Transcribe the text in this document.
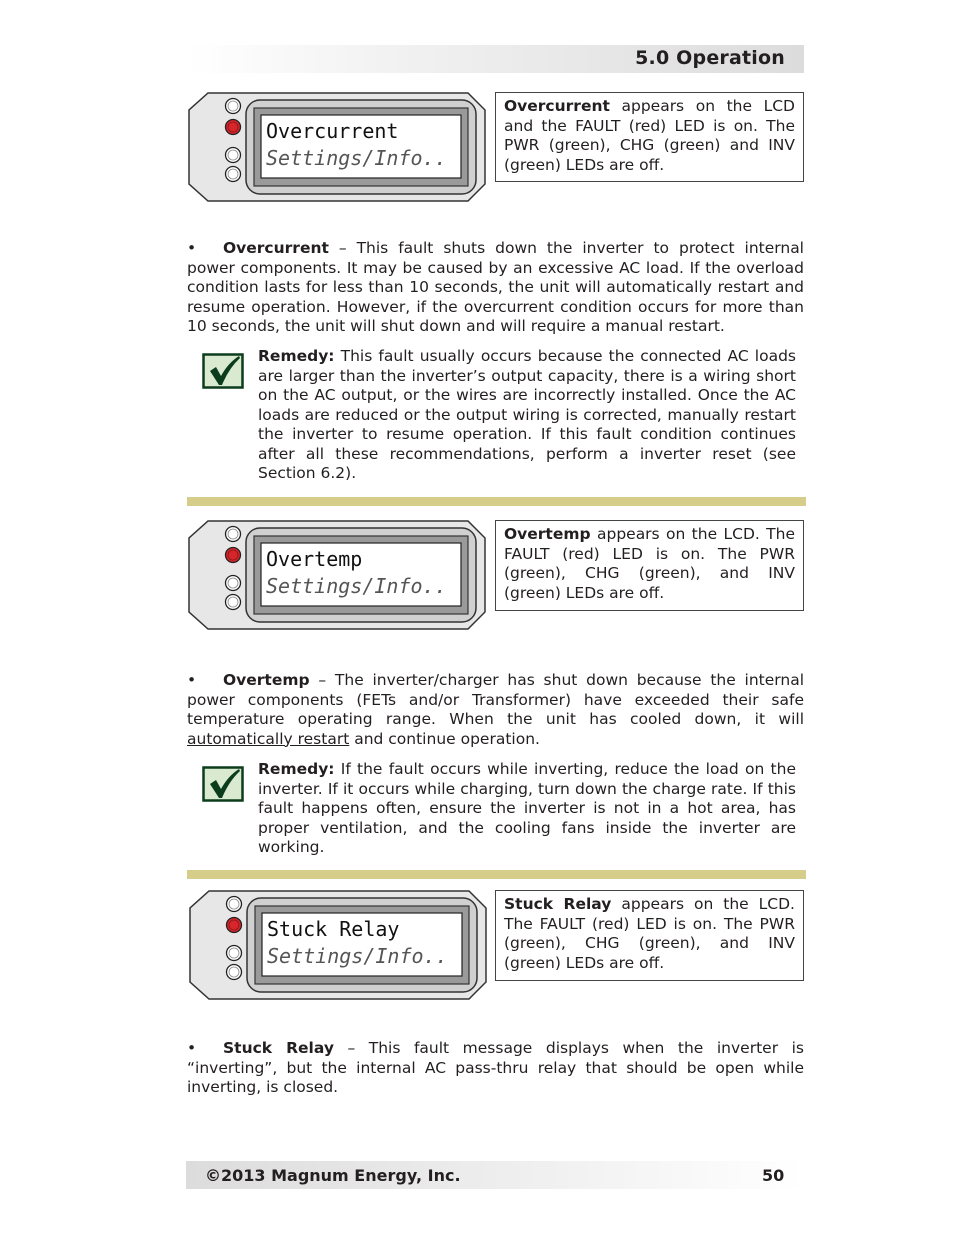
5.0 Operation
Overcurrent
Settings/Info..
Overcurrent appears on the LCD and the FAULT (red) LED is on. The PWR (green), CHG (green) and INV (green) LEDs are off.
• Overcurrent – This fault shuts down the inverter to protect internal power components. It may be caused by an excessive AC load. If the overload condition lasts for less than 10 seconds, the unit will automatically restart and resume operation. However, if the overcurrent condition occurs for more than 10 seconds, the unit will shut down and will require a manual restart.
Remedy: This fault usually occurs because the connected AC loads are larger than the inverter’s output capacity, there is a wiring short on the AC output, or the wires are incorrectly installed. Once the AC loads are reduced or the output wiring is corrected, manually restart the inverter to resume operation. If this fault condition continues after all these recommendations, perform a inverter reset (see Section 6.2).
Overtemp
Settings/Info..
Overtemp appears on the LCD. The FAULT (red) LED is on. The PWR (green), CHG (green), and INV (green) LEDs are off.
• Overtemp – The inverter/charger has shut down because the internal power components (FETs and/or Transformer) have exceeded their safe temperature operating range. When the unit has cooled down, it will automatically restart and continue operation.
Remedy: If the fault occurs while inverting, reduce the load on the inverter. If it occurs while charging, turn down the charge rate. If this fault happens often, ensure the inverter is not in a hot area, has proper ventilation, and the cooling fans inside the inverter are working.
Stuck Relay
Settings/Info..
Stuck Relay appears on the LCD. The FAULT (red) LED is on. The PWR (green), CHG (green), and INV (green) LEDs are off.
• Stuck Relay – This fault message displays when the inverter is “inverting”, but the internal AC pass-thru relay that should be open while inverting, is closed.
©2013 Magnum Energy, Inc.	50
